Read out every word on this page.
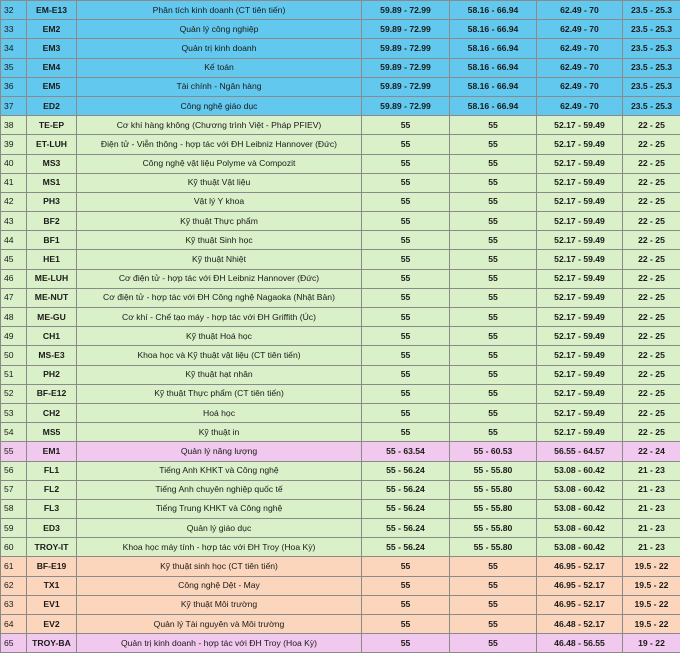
32	EM-E13	Phân tích kinh doanh (CT tiên tiến)	59.89 - 72.99	58.16 - 66.94	62.49 - 70	23.5 - 25.3
33	EM2	Quản lý công nghiệp	59.89 - 72.99	58.16 - 66.94	62.49 - 70	23.5 - 25.3
34	EM3	Quản trị kinh doanh	59.89 - 72.99	58.16 - 66.94	62.49 - 70	23.5 - 25.3
35	EM4	Kế toán	59.89 - 72.99	58.16 - 66.94	62.49 - 70	23.5 - 25.3
36	EM5	Tài chính - Ngân hàng	59.89 - 72.99	58.16 - 66.94	62.49 - 70	23.5 - 25.3
37	ED2	Công nghệ giáo dục	59.89 - 72.99	58.16 - 66.94	62.49 - 70	23.5 - 25.3
38	TE-EP	Cơ khí hàng không (Chương trình Việt - Pháp PFIEV)	55	55	52.17 - 59.49	22 - 25
39	ET-LUH	Điện tử - Viễn thông - hợp tác với ĐH Leibniz Hannover (Đức)	55	55	52.17 - 59.49	22 - 25
40	MS3	Công nghệ vật liệu Polyme và Compozit	55	55	52.17 - 59.49	22 - 25
41	MS1	Kỹ thuật Vật liệu	55	55	52.17 - 59.49	22 - 25
42	PH3	Vật lý Y khoa	55	55	52.17 - 59.49	22 - 25
43	BF2	Kỹ thuật Thực phẩm	55	55	52.17 - 59.49	22 - 25
44	BF1	Kỹ thuật Sinh học	55	55	52.17 - 59.49	22 - 25
45	HE1	Kỹ thuật Nhiệt	55	55	52.17 - 59.49	22 - 25
46	ME-LUH	Cơ điện tử - hợp tác với ĐH Leibniz Hannover (Đức)	55	55	52.17 - 59.49	22 - 25
47	ME-NUT	Cơ điện tử - hợp tác với ĐH Công nghệ Nagaoka (Nhật Bản)	55	55	52.17 - 59.49	22 - 25
48	ME-GU	Cơ khí - Chế tạo máy - hợp tác với ĐH Griffith (Úc)	55	55	52.17 - 59.49	22 - 25
49	CH1	Kỹ thuật Hoá học	55	55	52.17 - 59.49	22 - 25
50	MS-E3	Khoa học và Kỹ thuật vật liệu (CT tiên tiến)	55	55	52.17 - 59.49	22 - 25
51	PH2	Kỹ thuật hạt nhân	55	55	52.17 - 59.49	22 - 25
52	BF-E12	Kỹ thuật Thực phẩm (CT tiên tiến)	55	55	52.17 - 59.49	22 - 25
53	CH2	Hoá học	55	55	52.17 - 59.49	22 - 25
54	MS5	Kỹ thuật in	55	55	52.17 - 59.49	22 - 25
55	EM1	Quản lý năng lượng	55 - 63.54	55 - 60.53	56.55 - 64.57	22 - 24
56	FL1	Tiếng Anh KHKT và Công nghệ	55 - 56.24	55 - 55.80	53.08 - 60.42	21 - 23
57	FL2	Tiếng Anh chuyên nghiệp quốc tế	55 - 56.24	55 - 55.80	53.08 - 60.42	21 - 23
58	FL3	Tiếng Trung KHKT và Công nghệ	55 - 56.24	55 - 55.80	53.08 - 60.42	21 - 23
59	ED3	Quản lý giáo dục	55 - 56.24	55 - 55.80	53.08 - 60.42	21 - 23
60	TROY-IT	Khoa học máy tính - hợp tác với ĐH Troy (Hoa Kỳ)	55 - 56.24	55 - 55.80	53.08 - 60.42	21 - 23
61	BF-E19	Kỹ thuật sinh học (CT tiên tiến)	55	55	46.95 - 52.17	19.5 - 22
62	TX1	Công nghệ Dệt - May	55	55	46.95 - 52.17	19.5 - 22
63	EV1	Kỹ thuật Môi trường	55	55	46.95 - 52.17	19.5 - 22
64	EV2	Quản lý Tài nguyên và Môi trường	55	55	46.48 - 52.17	19.5 - 22
65	TROY-BA	Quản trị kinh doanh - hợp tác với ĐH Troy (Hoa Kỳ)	55	55	46.48 - 56.55	19 - 22
